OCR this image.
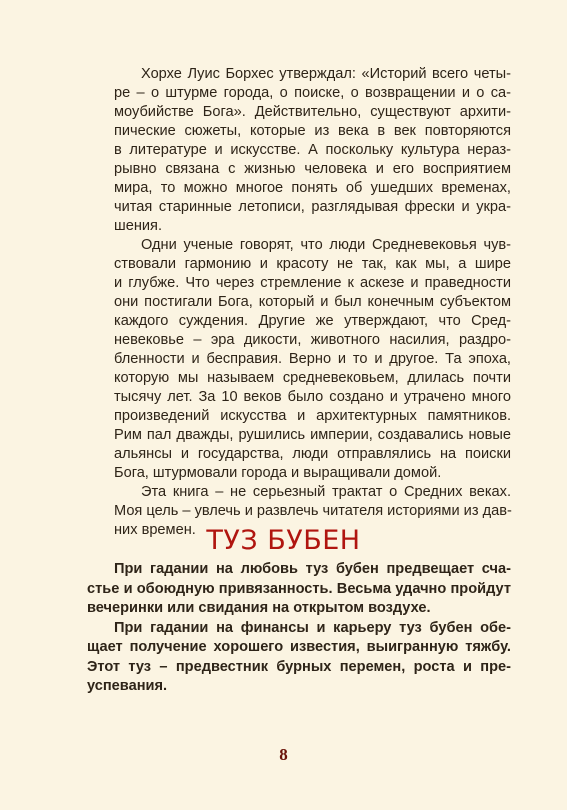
Хорхе Луис Борхес утверждал: «Историй всего четы-
ре – о штурме города, о поиске, о возвращении и о са-
моубийстве Бога». Действительно, существуют архити-
пические сюжеты, которые из века в век повторяются
в литературе и искусстве. А поскольку культура нераз-
рывно связана с жизнью человека и его восприятием
мира, то можно многое понять об ушедших временах,
читая старинные летописи, разглядывая фрески и укра-
шения.

Одни ученые говорят, что люди Средневековья чув-
ствовали гармонию и красоту не так, как мы, а шире
и глубже. Что через стремление к аскезе и праведности
они постигали Бога, который и был конечным субъектом
каждого суждения. Другие же утверждают, что Сред-
невековье – эра дикости, животного насилия, раздро-
бленности и бесправия. Верно и то и другое. Та эпоха,
которую мы называем средневековьем, длилась почти
тысячу лет. За 10 веков было создано и утрачено много
произведений искусства и архитектурных памятников.
Рим пал дважды, рушились империи, создавались новые
альянсы и государства, люди отправлялись на поиски
Бога, штурмовали города и выращивали домой.

Эта книга – не серьезный трактат о Средних веках.
Моя цель – увлечь и развлечь читателя историями из дав-
них времен. ТУЗ БУБЕН

При гадании на любовь туз бубен предвещает сча-
стье и обоюдную привязанность. Весьма удачно пройдут
вечеринки или свидания на открытом воздухе.

При гадании на финансы и карьеру туз бубен обе-
щает получение хорошего известия, выигранную тяжбу.
Этот туз – предвестник бурных перемен, роста и пре-
успевания.

8
